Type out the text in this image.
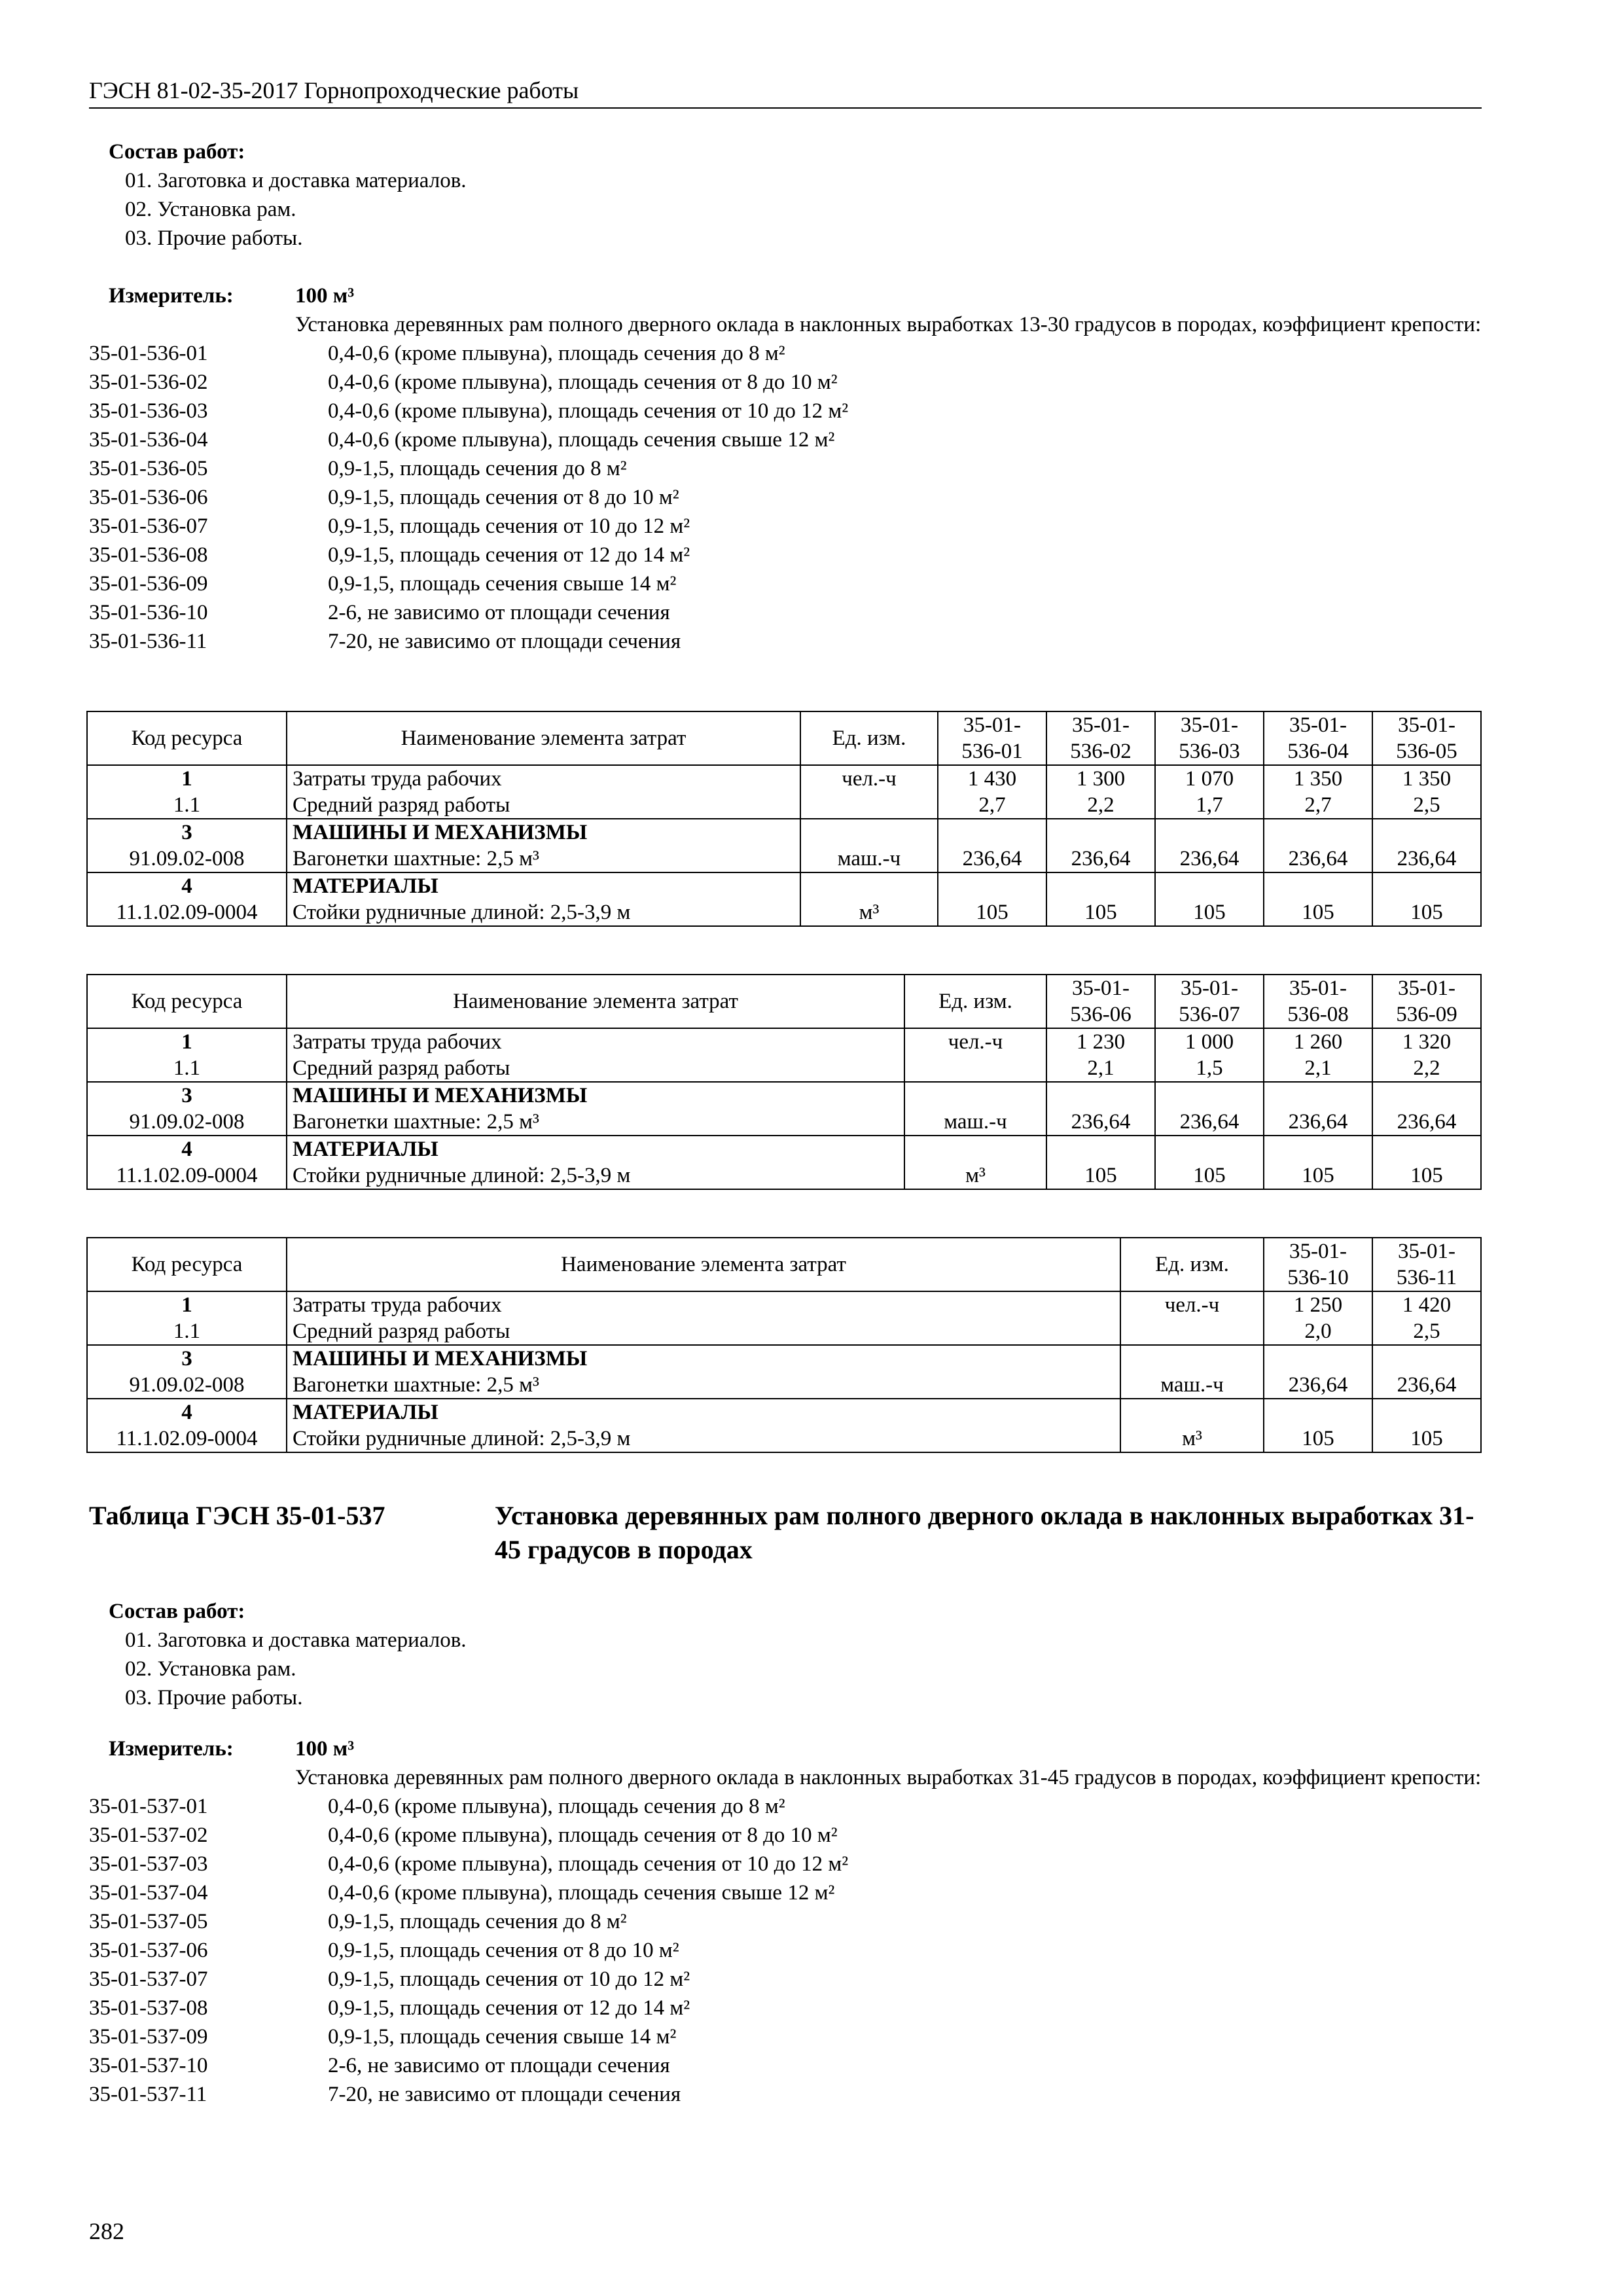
ГЭСН 81-02-35-2017 Горнопроходческие работы
Состав работ:
01. Заготовка и доставка материалов.
02. Установка рам.
03. Прочие работы.
Измеритель:	100 м³
Установка деревянных рам полного дверного оклада в наклонных выработках 13-30 градусов в породах, коэффициент крепости:
35-01-536-01	0,4-0,6 (кроме плывуна), площадь сечения до 8 м²
35-01-536-02	0,4-0,6 (кроме плывуна), площадь сечения от 8 до 10 м²
35-01-536-03	0,4-0,6 (кроме плывуна), площадь сечения от 10 до 12 м²
35-01-536-04	0,4-0,6 (кроме плывуна), площадь сечения свыше 12 м²
35-01-536-05	0,9-1,5, площадь сечения до 8 м²
35-01-536-06	0,9-1,5, площадь сечения от 8 до 10 м²
35-01-536-07	0,9-1,5, площадь сечения от 10 до 12 м²
35-01-536-08	0,9-1,5, площадь сечения от 12 до 14 м²
35-01-536-09	0,9-1,5, площадь сечения свыше 14 м²
35-01-536-10	2-6, не зависимо от площади сечения
35-01-536-11	7-20, не зависимо от площади сечения
Код ресурса	Наименование элемента затрат	Ед. изм.	35-01-536-01	35-01-536-02	35-01-536-03	35-01-536-04	35-01-536-05
1	Затраты труда рабочих	чел.-ч	1 430	1 300	1 070	1 350	1 350
1.1	Средний разряд работы		2,7	2,2	1,7	2,7	2,5
3	МАШИНЫ И МЕХАНИЗМЫ						
91.09.02-008	Вагонетки шахтные: 2,5 м³	маш.-ч	236,64	236,64	236,64	236,64	236,64
4	МАТЕРИАЛЫ						
11.1.02.09-0004	Стойки рудничные длиной: 2,5-3,9 м	м³	105	105	105	105	105
Код ресурса	Наименование элемента затрат	Ед. изм.	35-01-536-06	35-01-536-07	35-01-536-08	35-01-536-09
1	Затраты труда рабочих	чел.-ч	1 230	1 000	1 260	1 320
1.1	Средний разряд работы		2,1	1,5	2,1	2,2
3	МАШИНЫ И МЕХАНИЗМЫ					
91.09.02-008	Вагонетки шахтные: 2,5 м³	маш.-ч	236,64	236,64	236,64	236,64
4	МАТЕРИАЛЫ					
11.1.02.09-0004	Стойки рудничные длиной: 2,5-3,9 м	м³	105	105	105	105
Код ресурса	Наименование элемента затрат	Ед. изм.	35-01-536-10	35-01-536-11
1	Затраты труда рабочих	чел.-ч	1 250	1 420
1.1	Средний разряд работы		2,0	2,5
3	МАШИНЫ И МЕХАНИЗМЫ			
91.09.02-008	Вагонетки шахтные: 2,5 м³	маш.-ч	236,64	236,64
4	МАТЕРИАЛЫ			
11.1.02.09-0004	Стойки рудничные длиной: 2,5-3,9 м	м³	105	105
Таблица ГЭСН 35-01-537	Установка деревянных рам полного дверного оклада в наклонных выработках 31-45 градусов в породах
Состав работ:
01. Заготовка и доставка материалов.
02. Установка рам.
03. Прочие работы.
Измеритель:	100 м³
Установка деревянных рам полного дверного оклада в наклонных выработках 31-45 градусов в породах, коэффициент крепости:
35-01-537-01	0,4-0,6 (кроме плывуна), площадь сечения до 8 м²
35-01-537-02	0,4-0,6 (кроме плывуна), площадь сечения от 8 до 10 м²
35-01-537-03	0,4-0,6 (кроме плывуна), площадь сечения от 10 до 12 м²
35-01-537-04	0,4-0,6 (кроме плывуна), площадь сечения свыше 12 м²
35-01-537-05	0,9-1,5, площадь сечения до 8 м²
35-01-537-06	0,9-1,5, площадь сечения от 8 до 10 м²
35-01-537-07	0,9-1,5, площадь сечения от 10 до 12 м²
35-01-537-08	0,9-1,5, площадь сечения от 12 до 14 м²
35-01-537-09	0,9-1,5, площадь сечения свыше 14 м²
35-01-537-10	2-6, не зависимо от площади сечения
35-01-537-11	7-20, не зависимо от площади сечения
282
